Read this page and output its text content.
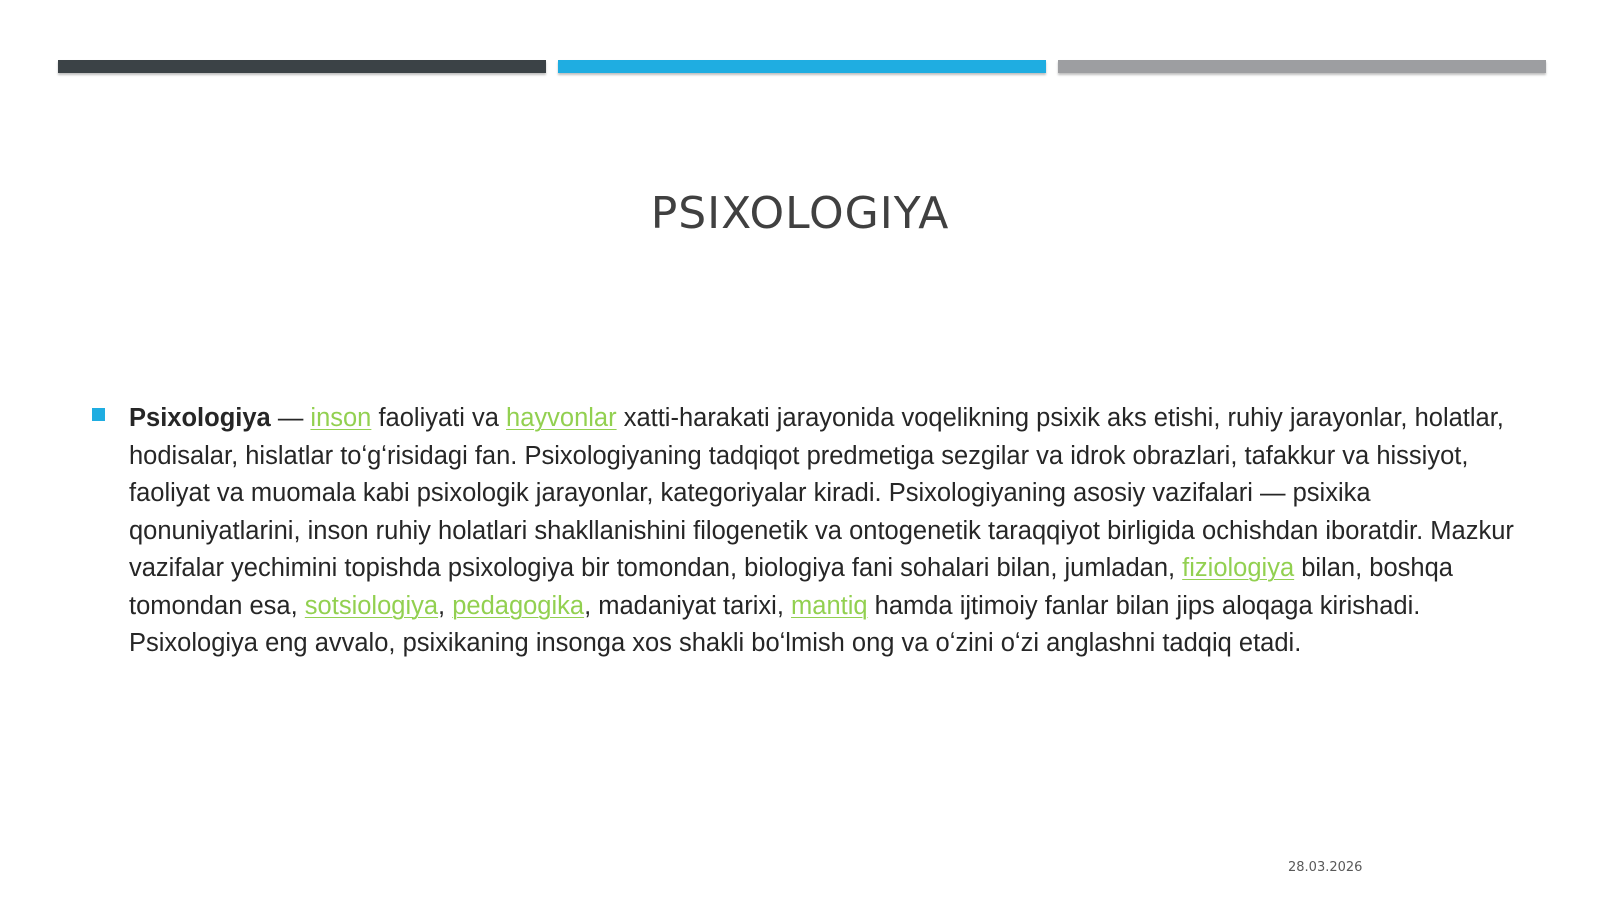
PSIXOLOGIYA
Psixologiya — inson faoliyati va hayvonlar xatti-harakati jarayonida voqelikning psixik aks etishi, ruhiy jarayonlar, holatlar, hodisalar, hislatlar toʻgʻrisidagi fan. Psixologiyaning tadqiqot predmetiga sezgilar va idrok obrazlari, tafakkur va hissiyot, faoliyat va muomala kabi psixologik jarayonlar, kategoriyalar kiradi. Psixologiyaning asosiy vazifalari — psixika qonuniyatlarini, inson ruhiy holatlari shakllanishini filogenetik va ontogenetik taraqqiyot birligida ochishdan iboratdir. Mazkur vazifalar yechimini topishda psixologiya bir tomondan, biologiya fani sohalari bilan, jumladan, fiziologiya bilan, boshqa tomondan esa, sotsiologiya, pedagogika, madaniyat tarixi, mantiq hamda ijtimoiy fanlar bilan jips aloqaga kirishadi. Psixologiya eng avvalo, psixikaning insonga xos shakli boʻlmish ong va oʻzini oʻzi anglashni tadqiq etadi.
28.03.2026
